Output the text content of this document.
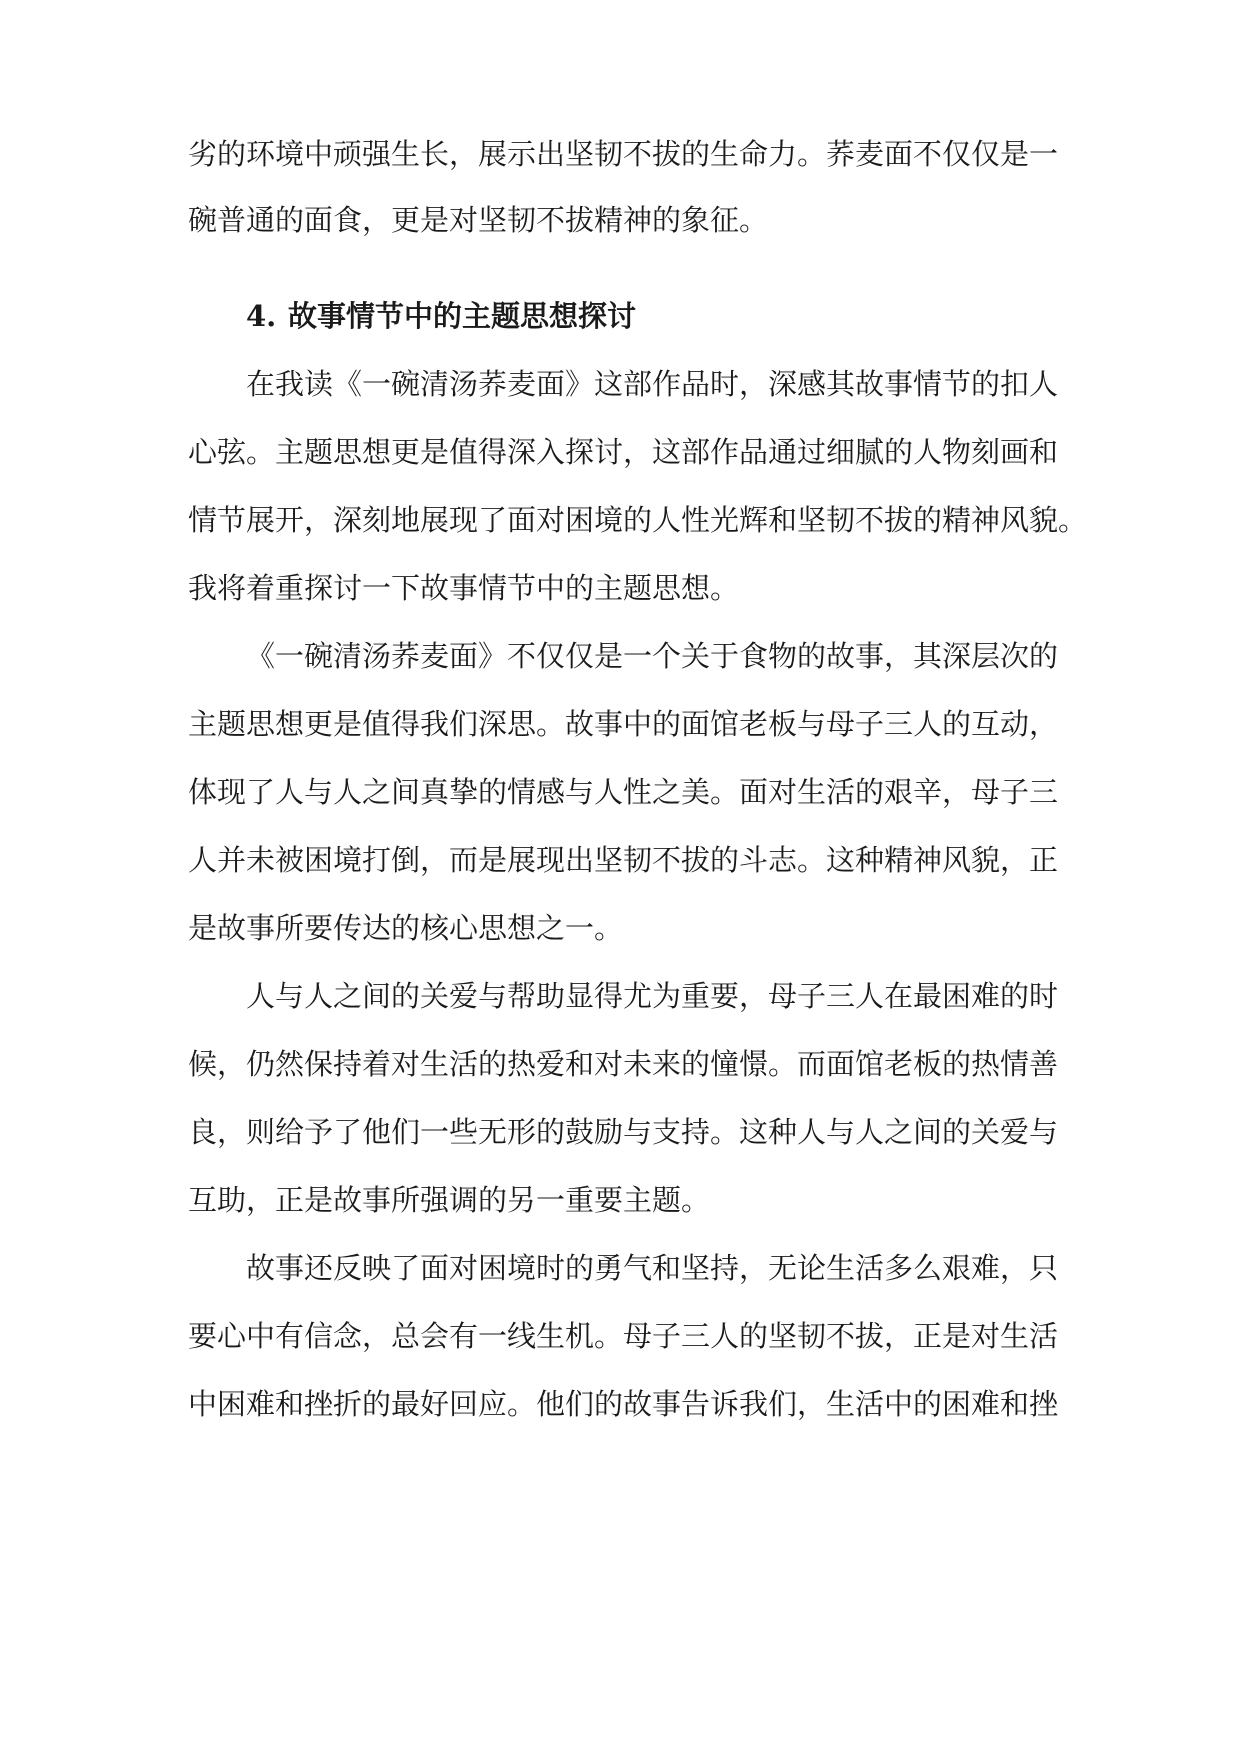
劣的环境中顽强生长，展示出坚韧不拔的生命力。荞麦面不仅仅是一
碗普通的面食，更是对坚韧不拔精神的象征。
4. 故事情节中的主题思想探讨
在我读《一碗清汤荞麦面》这部作品时，深感其故事情节的扣人
心弦。主题思想更是值得深入探讨，这部作品通过细腻的人物刻画和
情节展开，深刻地展现了面对困境的人性光辉和坚韧不拔的精神风貌。
我将着重探讨一下故事情节中的主题思想。
《一碗清汤荞麦面》不仅仅是一个关于食物的故事，其深层次的
主题思想更是值得我们深思。故事中的面馆老板与母子三人的互动，
体现了人与人之间真挚的情感与人性之美。面对生活的艰辛，母子三
人并未被困境打倒，而是展现出坚韧不拔的斗志。这种精神风貌，正
是故事所要传达的核心思想之一。
人与人之间的关爱与帮助显得尤为重要，母子三人在最困难的时
候，仍然保持着对生活的热爱和对未来的憧憬。而面馆老板的热情善
良，则给予了他们一些无形的鼓励与支持。这种人与人之间的关爱与
互助，正是故事所强调的另一重要主题。
故事还反映了面对困境时的勇气和坚持，无论生活多么艰难，只
要心中有信念，总会有一线生机。母子三人的坚韧不拔，正是对生活
中困难和挫折的最好回应。他们的故事告诉我们，生活中的困难和挫
